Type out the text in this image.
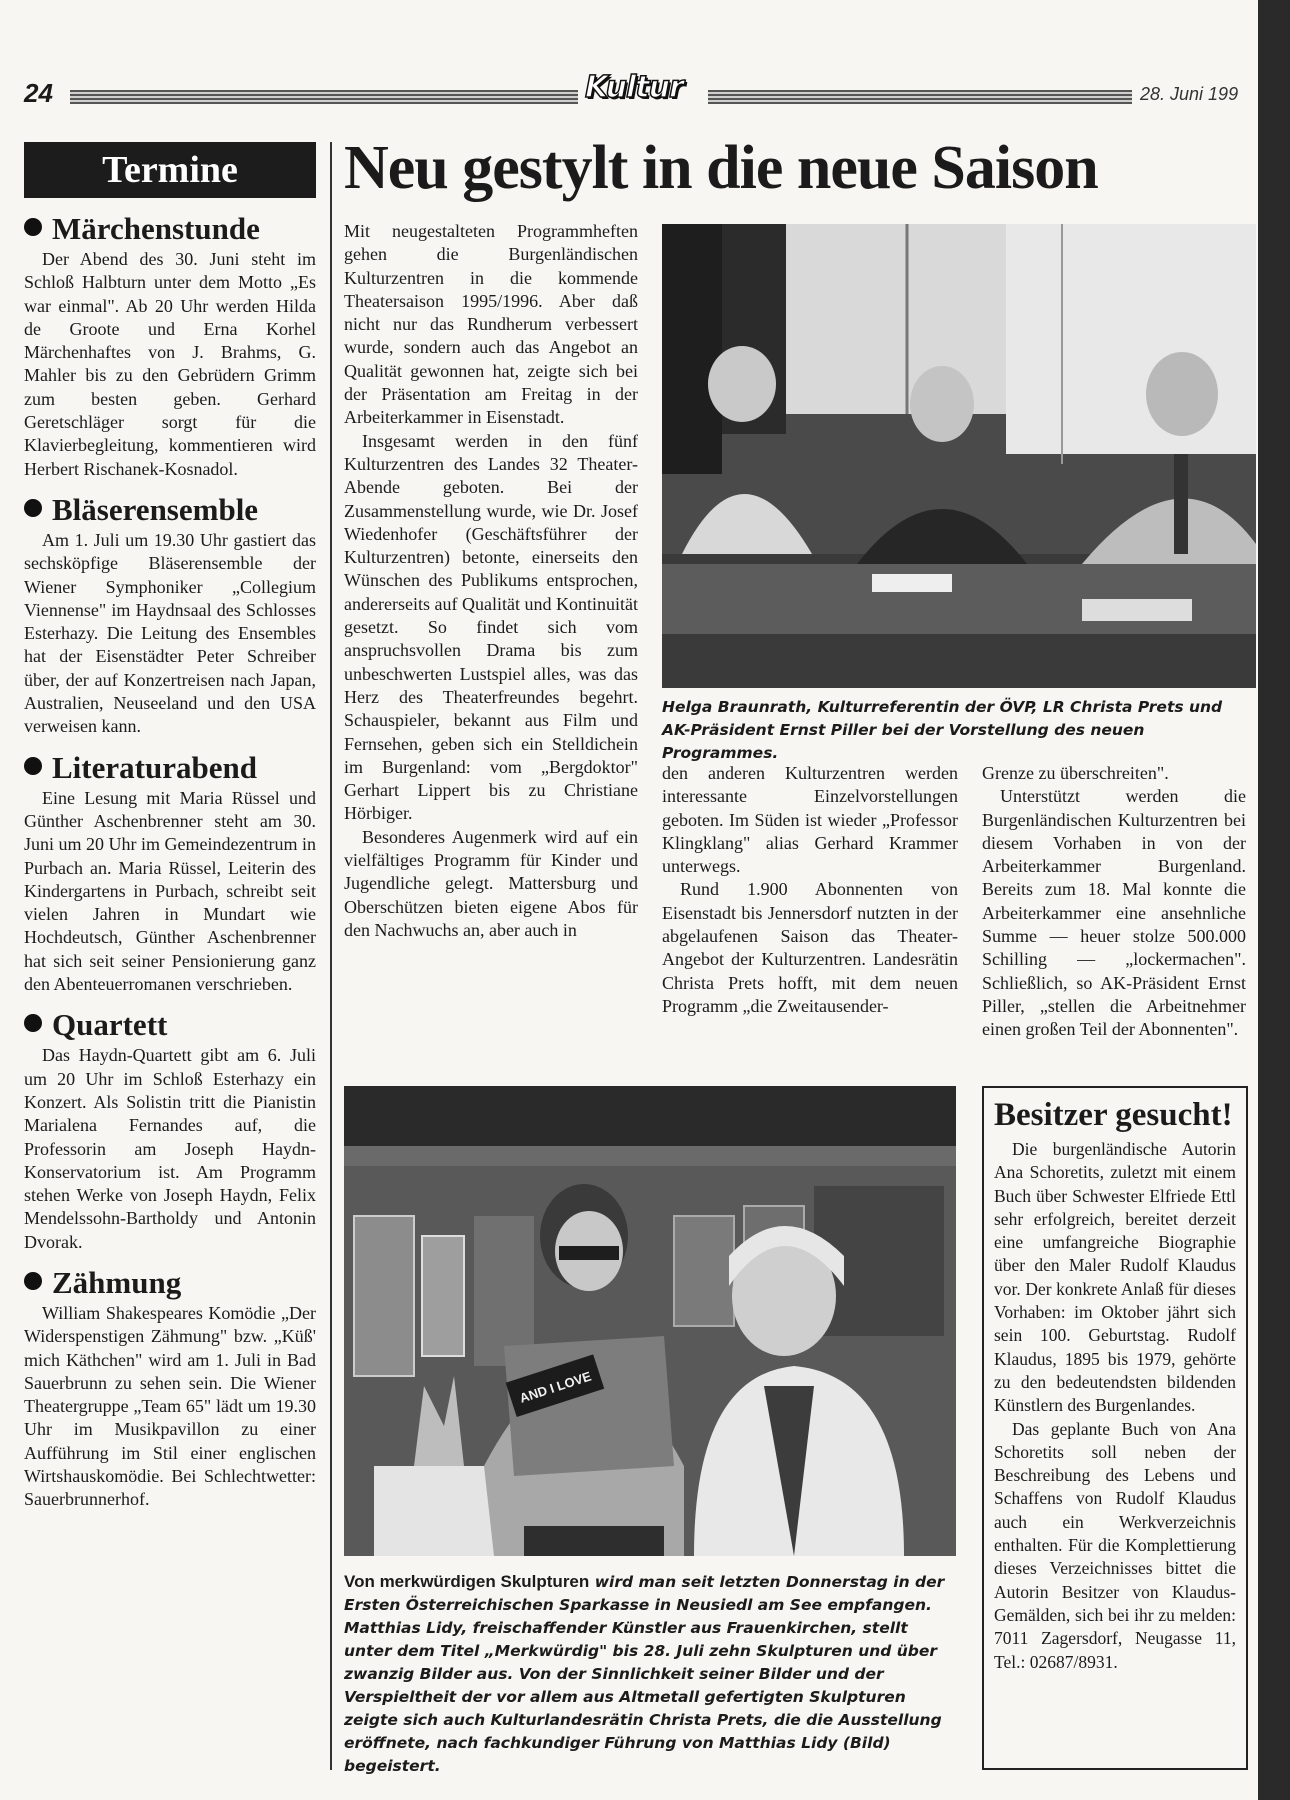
24	Kultur	28. Juni 199
Termine
Märchenstunde

Der Abend des 30. Juni steht im Schloß Halbturn unter dem Motto „Es war einmal". Ab 20 Uhr werden Hilda de Groote und Erna Korhel Märchenhaftes von J. Brahms, G. Mahler bis zu den Gebrüdern Grimm zum besten geben. Gerhard Geretschläger sorgt für die Klavierbegleitung, kommentieren wird Herbert Rischanek-Kosnadol.

Bläserensemble

Am 1. Juli um 19.30 Uhr gastiert das sechsköpfige Bläserensemble der Wiener Symphoniker „Collegium Viennense" im Haydnsaal des Schlosses Esterhazy. Die Leitung des Ensembles hat der Eisenstädter Peter Schreiber über, der auf Konzertreisen nach Japan, Australien, Neuseeland und den USA verweisen kann.

Literaturabend

Eine Lesung mit Maria Rüssel und Günther Aschenbrenner steht am 30. Juni um 20 Uhr im Gemeindezentrum in Purbach an. Maria Rüssel, Leiterin des Kindergartens in Purbach, schreibt seit vielen Jahren in Mundart wie Hochdeutsch, Günther Aschenbrenner hat sich seit seiner Pensionierung ganz den Abenteuerromanen verschrieben.

Quartett

Das Haydn-Quartett gibt am 6. Juli um 20 Uhr im Schloß Esterhazy ein Konzert. Als Solistin tritt die Pianistin Marialena Fernandes auf, die Professorin am Joseph Haydn-Konservatorium ist. Am Programm stehen Werke von Joseph Haydn, Felix Mendelssohn-Bartholdy und Antonin Dvorak.

Zähmung

William Shakespeares Komödie „Der Widerspenstigen Zähmung" bzw. „Küß' mich Käthchen" wird am 1. Juli in Bad Sauerbrunn zu sehen sein. Die Wiener Theatergruppe „Team 65" lädt um 19.30 Uhr im Musikpavillon zu einer Aufführung im Stil einer englischen Wirtshauskomödie. Bei Schlechtwetter: Sauerbrunnerhof.

Neu gestylt in die neue Saison

Mit neugestalteten Programmheften gehen die Burgenländischen Kulturzentren in die kommende Theatersaison 1995/1996. Aber daß nicht nur das Rundherum verbessert wurde, sondern auch das Angebot an Qualität gewonnen hat, zeigte sich bei der Präsentation am Freitag in der Arbeiterkammer in Eisenstadt.

Insgesamt werden in den fünf Kulturzentren des Landes 32 Theater-Abende geboten. Bei der Zusammenstellung wurde, wie Dr. Josef Wiedenhofer (Geschäftsführer der Kulturzentren) betonte, einerseits den Wünschen des Publikums entsprochen, andererseits auf Qualität und Kontinuität gesetzt. So findet sich vom anspruchsvollen Drama bis zum unbeschwerten Lustspiel alles, was das Herz des Theaterfreundes begehrt. Schauspieler, bekannt aus Film und Fernsehen, geben sich ein Stelldichein im Burgenland: vom „Bergdoktor" Gerhart Lippert bis zu Christiane Hörbiger.

Besonderes Augenmerk wird auf ein vielfältiges Programm für Kinder und Jugendliche gelegt. Mattersburg und Oberschützen bieten eigene Abos für den Nachwuchs an, aber auch in

Helga Braunrath, Kulturreferentin der ÖVP, LR Christa Prets und AK-Präsident Ernst Piller bei der Vorstellung des neuen Programmes.

den anderen Kulturzentren werden interessante Einzelvorstellungen geboten. Im Süden ist wieder „Professor Klingklang" alias Gerhard Krammer unterwegs.

Rund 1.900 Abonnenten von Eisenstadt bis Jennersdorf nutzten in der abgelaufenen Saison das Theater-Angebot der Kulturzentren. Landesrätin Christa Prets hofft, mit dem neuen Programm „die Zweitausender-

Grenze zu überschreiten".

Unterstützt werden die Burgenländischen Kulturzentren bei diesem Vorhaben in von der Arbeiterkammer Burgenland. Bereits zum 18. Mal konnte die Arbeiterkammer eine ansehnliche Summe — heuer stolze 500.000 Schilling — „lockermachen". Schließlich, so AK-Präsident Ernst Piller, „stellen die Arbeitnehmer einen großen Teil der Abonnenten".

AND I LOVE
Von merkwürdigen Skulpturen wird man seit letzten Donnerstag in der Ersten Österreichischen Sparkasse in Neusiedl am See empfangen. Matthias Lidy, freischaffender Künstler aus Frauenkirchen, stellt unter dem Titel „Merkwürdig" bis 28. Juli zehn Skulpturen und über zwanzig Bilder aus. Von der Sinnlichkeit seiner Bilder und der Verspieltheit der vor allem aus Altmetall gefertigten Skulpturen zeigte sich auch Kulturlandesrätin Christa Prets, die die Ausstellung eröffnete, nach fachkundiger Führung von Matthias Lidy (Bild) begeistert.
Besitzer gesucht!

Die burgenländische Autorin Ana Schoretits, zuletzt mit einem Buch über Schwester Elfriede Ettl sehr erfolgreich, bereitet derzeit eine umfangreiche Biographie über den Maler Rudolf Klaudus vor. Der konkrete Anlaß für dieses Vorhaben: im Oktober jährt sich sein 100. Geburtstag. Rudolf Klaudus, 1895 bis 1979, gehörte zu den bedeutendsten bildenden Künstlern des Burgenlandes.

Das geplante Buch von Ana Schoretits soll neben der Beschreibung des Lebens und Schaffens von Rudolf Klaudus auch ein Werkverzeichnis enthalten. Für die Komplettierung dieses Verzeichnisses bittet die Autorin Besitzer von Klaudus-Gemälden, sich bei ihr zu melden: 7011 Zagersdorf, Neugasse 11, Tel.: 02687/8931.
